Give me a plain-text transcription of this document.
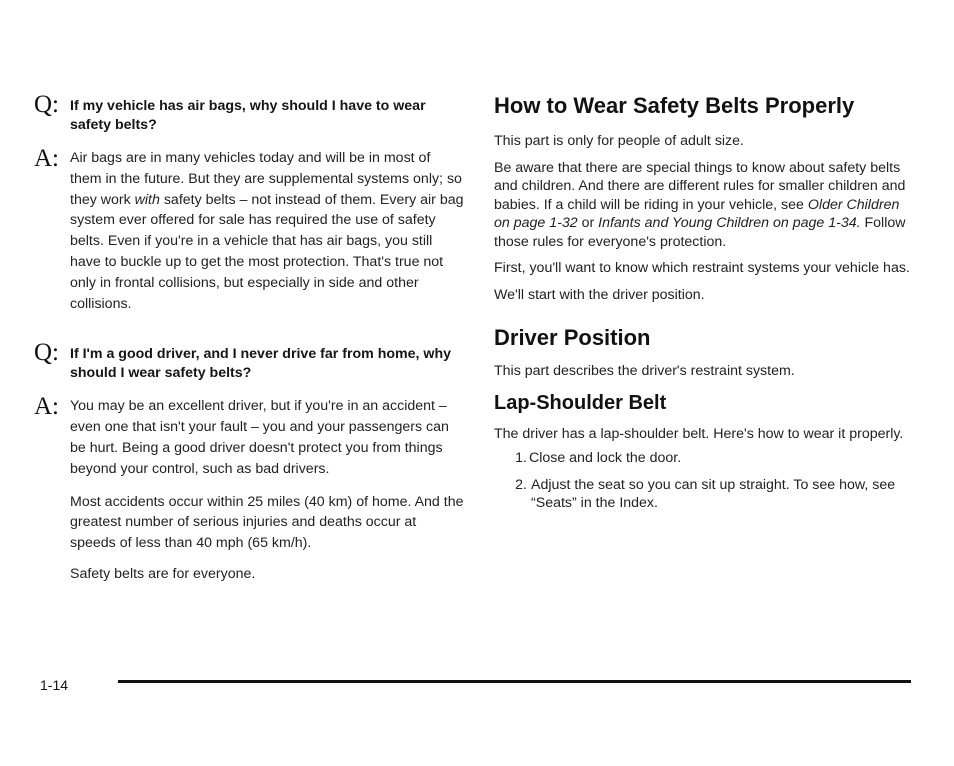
Q: If my vehicle has air bags, why should I have to wear safety belts?
A: Air bags are in many vehicles today and will be in most of them in the future. But they are supplemental systems only; so they work with safety belts – not instead of them. Every air bag system ever offered for sale has required the use of safety belts. Even if you're in a vehicle that has air bags, you still have to buckle up to get the most protection. That's true not only in frontal collisions, but especially in side and other collisions.
Q: If I'm a good driver, and I never drive far from home, why should I wear safety belts?
A: You may be an excellent driver, but if you're in an accident – even one that isn't your fault – you and your passengers can be hurt. Being a good driver doesn't protect you from things beyond your control, such as bad drivers.

Most accidents occur within 25 miles (40 km) of home. And the greatest number of serious injuries and deaths occur at speeds of less than 40 mph (65 km/h).

Safety belts are for everyone.

How to Wear Safety Belts Properly

This part is only for people of adult size.

Be aware that there are special things to know about safety belts and children. And there are different rules for smaller children and babies. If a child will be riding in your vehicle, see Older Children on page 1-32 or Infants and Young Children on page 1-34. Follow those rules for everyone's protection.

First, you'll want to know which restraint systems your vehicle has.

We'll start with the driver position.

Driver Position

This part describes the driver's restraint system.

Lap-Shoulder Belt

The driver has a lap-shoulder belt. Here's how to wear it properly.

1. Close and lock the door.
2. Adjust the seat so you can sit up straight. To see how, see “Seats” in the Index.
1-14
